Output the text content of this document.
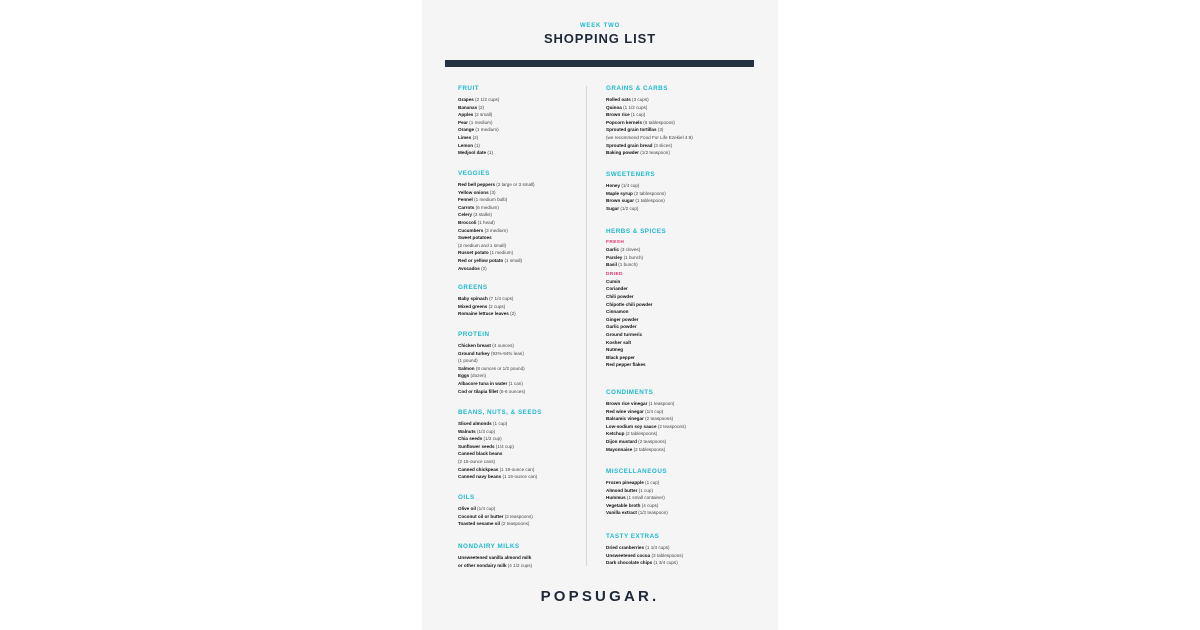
WEEK TWO
SHOPPING LIST
FRUIT
Grapes (2 1/2 cups)
Bananas (2)
Apples (2 small)
Pear (1 medium)
Orange (1 medium)
Limes (2)
Lemon (1)
Medjool date (1)
VEGGIES
Red bell peppers (2 large or 3 small)
Yellow onions (3)
Fennel (1 medium bulb)
Carrots (6 medium)
Celery (3 stalks)
Broccoli (1 head)
Cucumbers (3 medium)
Sweet potatoes
(2 medium and 1 small)
Russet potato (1 medium)
Red or yellow potato (1 small)
Avocados (2)
GREENS
Baby spinach (7 1/4 cups)
Mixed greens (2 cups)
Romaine lettuce leaves (2)
PROTEIN
Chicken breast (4 ounces)
Ground turkey (93%-94% lean)
(1 pound)
Salmon (8 ounces or 1/2 pound)
Eggs (dozen)
Albacore tuna in water (1 can)
Cod or tilapia fillet (5-6 ounces)
BEANS, NUTS, & SEEDS
Sliced almonds (1 cup)
Walnuts (1/3 cup)
Chia seeds (1/2 cup)
Sunflower seeds (1/4 cup)
Canned black beans
(2 15-ounce cans)
Canned chickpeas (1 19-ounce can)
Canned navy beans (1 15-ounce can)
OILS
Olive oil (1/4 cup)
Coconut oil or butter (2 teaspoons)
Toasted sesame oil (2 teaspoons)
NONDAIRY MILKS
Unsweetened vanilla almond milk
or other nondairy milk (4 1/2 cups)
GRAINS & CARBS
Rolled oats (3 cups)
Quinoa (1 1/2 cups)
Brown rice (1 cup)
Popcorn kernels (6 tablespoons)
Sprouted grain tortillas (3)
(we recommend Food For Life Ezekiel 4:9)
Sprouted grain bread (3 slices)
Baking powder (1/2 teaspoon)
SWEETENERS
Honey (1/4 cup)
Maple syrup (2 tablespoons)
Brown sugar (1 tablespoon)
Sugar (1/2 cup)
HERBS & SPICES
FRESH
Garlic (3 cloves)
Parsley (1 bunch)
Basil (1 bunch)
DRIED
Cumin
Coriander
Chili powder
Chipotle chili powder
Cinnamon
Ginger powder
Garlic powder
Ground turmeric
Kosher salt
Nutmeg
Black pepper
Red pepper flakes
CONDIMENTS
Brown rice vinegar (1 teaspoon)
Red wine vinegar (1/4 cup)
Balsamic vinegar (2 teaspoons)
Low-sodium soy sauce (2 teaspoons)
Ketchup (2 tablespoons)
Dijon mustard (2 teaspoons)
Mayonnaise (2 tablespoons)
MISCELLANEOUS
Frozen pineapple (1 cup)
Almond butter (1 cup)
Hummus (1 small container)
Vegetable broth (4 cups)
Vanilla extract (1/2 teaspoon)
TASTY EXTRAS
Dried cranberries (1 1/4 cups)
Unsweetened cocoa (3 tablespoons)
Dark chocolate chips (1 3/4 cups)
POPSUGAR.
